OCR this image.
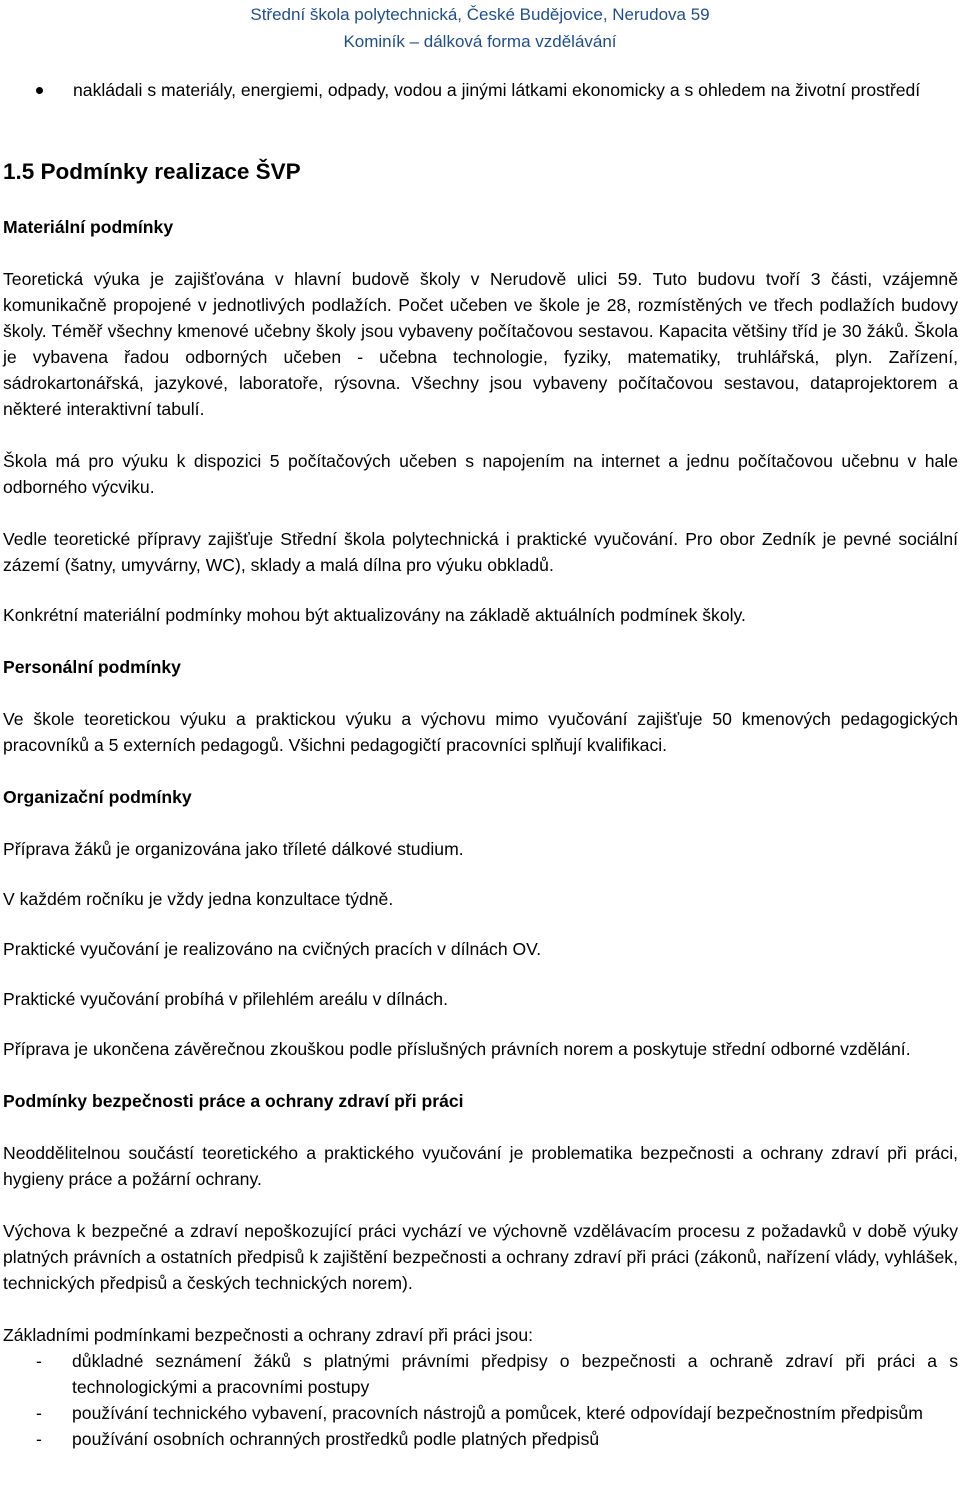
Střední škola polytechnická, České Budějovice, Nerudova 59
Kominík – dálková forma vzdělávání

nakládali s materiály, energiemi, odpady, vodou a jinými látkami ekonomicky a s ohledem na životní prostředí

1.5 Podmínky realizace ŠVP

Materiální podmínky

Teoretická výuka je zajišťována v hlavní budově školy v Nerudově ulici 59. Tuto budovu tvoří 3 části, vzájemně komunikačně propojené v jednotlivých podlažích. Počet učeben ve škole je 28, rozmístěných ve třech podlažích budovy školy. Téměř všechny kmenové učebny školy jsou vybaveny počítačovou sestavou. Kapacita většiny tříd je 30 žáků. Škola je vybavena řadou odborných učeben - učebna technologie, fyziky, matematiky, truhlářská, plyn. Zařízení, sádrokartonářská, jazykové, laboratoře, rýsovna. Všechny jsou vybaveny počítačovou sestavou, dataprojektorem a některé interaktivní tabulí.

Škola má pro výuku k dispozici 5 počítačových učeben s napojením na internet a jednu počítačovou učebnu v hale odborného výcviku.

Vedle teoretické přípravy zajišťuje Střední škola polytechnická i praktické vyučování. Pro obor Zedník je pevné sociální zázemí (šatny, umyvárny, WC), sklady a malá dílna pro výuku obkladů.

Konkrétní materiální podmínky mohou být aktualizovány na základě aktuálních podmínek školy.

Personální podmínky

Ve škole teoretickou výuku a praktickou výuku a výchovu mimo vyučování zajišťuje 50 kmenových pedagogických pracovníků a 5 externích pedagogů. Všichni pedagogičtí pracovníci splňují kvalifikaci.

Organizační podmínky

Příprava žáků je organizována jako tříleté dálkové studium.

V každém ročníku je vždy jedna konzultace týdně.

Praktické vyučování je realizováno na cvičných pracích v dílnách OV.

Praktické vyučování probíhá v přilehlém areálu v dílnách.

Příprava je ukončena závěrečnou zkouškou podle příslušných právních norem a poskytuje střední odborné vzdělání.

Podmínky bezpečnosti práce a ochrany zdraví při práci

Neoddělitelnou součástí teoretického a praktického vyučování je problematika bezpečnosti a ochrany zdraví při práci, hygieny práce a požární ochrany.

Výchova k bezpečné a zdraví nepoškozující práci vychází ve výchovně vzdělávacím procesu z požadavků v době výuky platných právních a ostatních předpisů k zajištění bezpečnosti a ochrany zdraví při práci (zákonů, nařízení vlády, vyhlášek, technických předpisů a českých technických norem).

Základními podmínkami bezpečnosti a ochrany zdraví při práci jsou:

- důkladné seznámení žáků s platnými právními předpisy o bezpečnosti a ochraně zdraví při práci a s technologickými a pracovními postupy
- používání technického vybavení, pracovních nástrojů a pomůcek, které odpovídají bezpečnostním předpisům
- používání osobních ochranných prostředků podle platných předpisů
